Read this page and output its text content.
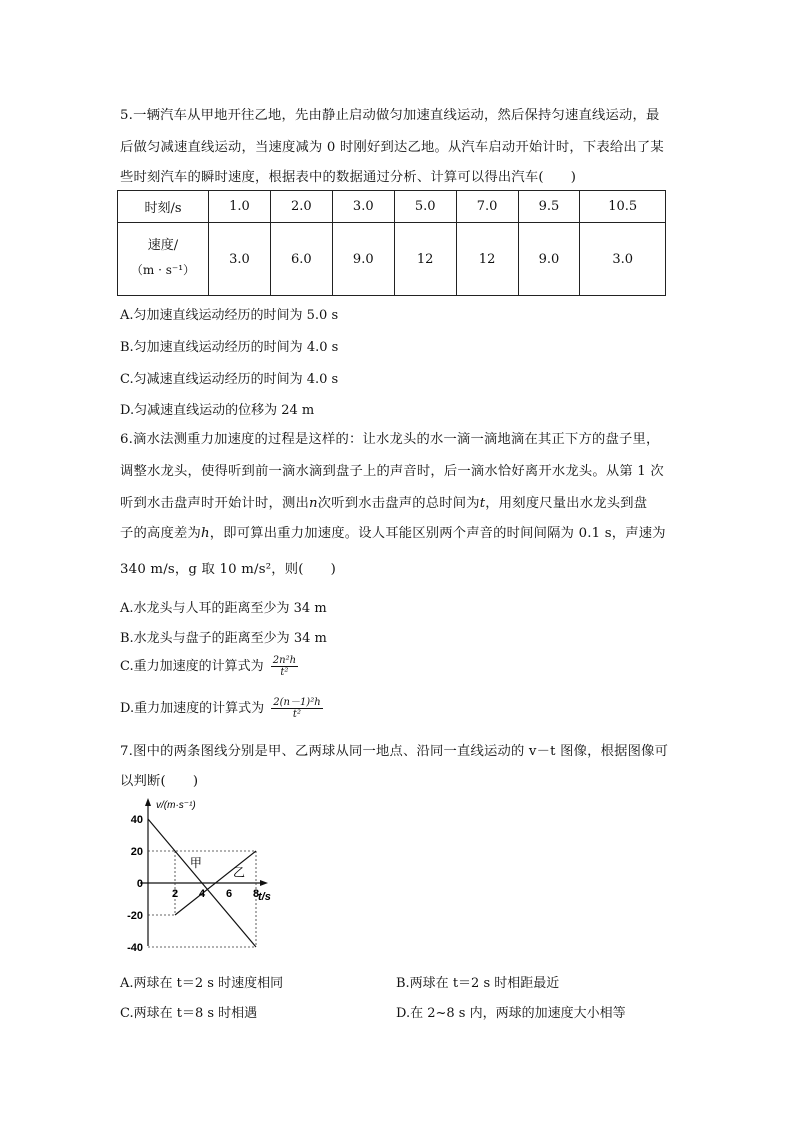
5.一辆汽车从甲地开往乙地，先由静止启动做匀加速直线运动，然后保持匀速直线运动，最
后做匀减速直线运动，当速度减为 0 时刚好到达乙地。从汽车启动开始计时，下表给出了某
些时刻汽车的瞬时速度，根据表中的数据通过分析、计算可以得出汽车(　　)
时刻/s	1.0	2.0	3.0	5.0	7.0	9.5	10.5

速度/
（m · s⁻¹）	3.0	6.0	9.0	12	12	9.0	3.0
A.匀加速直线运动经历的时间为 5.0 s
B.匀加速直线运动经历的时间为 4.0 s
C.匀减速直线运动经历的时间为 4.0 s
D.匀减速直线运动的位移为 24 m
6.滴水法测重力加速度的过程是这样的：让水龙头的水一滴一滴地滴在其正下方的盘子里，
调整水龙头，使得听到前一滴水滴到盘子上的声音时，后一滴水恰好离开水龙头。从第 1 次
听到水击盘声时开始计时，测出n次听到水击盘声的总时间为t，用刻度尺量出水龙头到盘
子的高度差为h，即可算出重力加速度。设人耳能区别两个声音的时间间隔为 0.1 s，声速为
340 m/s，g 取 10 m/s²，则(　　)
A.水龙头与人耳的距离至少为 34 m
B.水龙头与盘子的距离至少为 34 m
C.重力加速度的计算式为 $\frac{\text{2n²h}}{\text{t²}}$
D.重力加速度的计算式为 $\frac{\text{2(n－1)²h}}{\text{t²}}$
7.图中的两条图线分别是甲、乙两球从同一地点、沿同一直线运动的 v－t 图像，根据图像可
以判断(　　)
甲
乙
40
20
0
-20
-40
2 4 6 8
v/(m·s⁻¹)
t/s
A.两球在 t＝2 s 时速度相同	B.两球在 t＝2 s 时相距最近
C.两球在 t＝8 s 时相遇	D.在 2~8 s 内，两球的加速度大小相等
